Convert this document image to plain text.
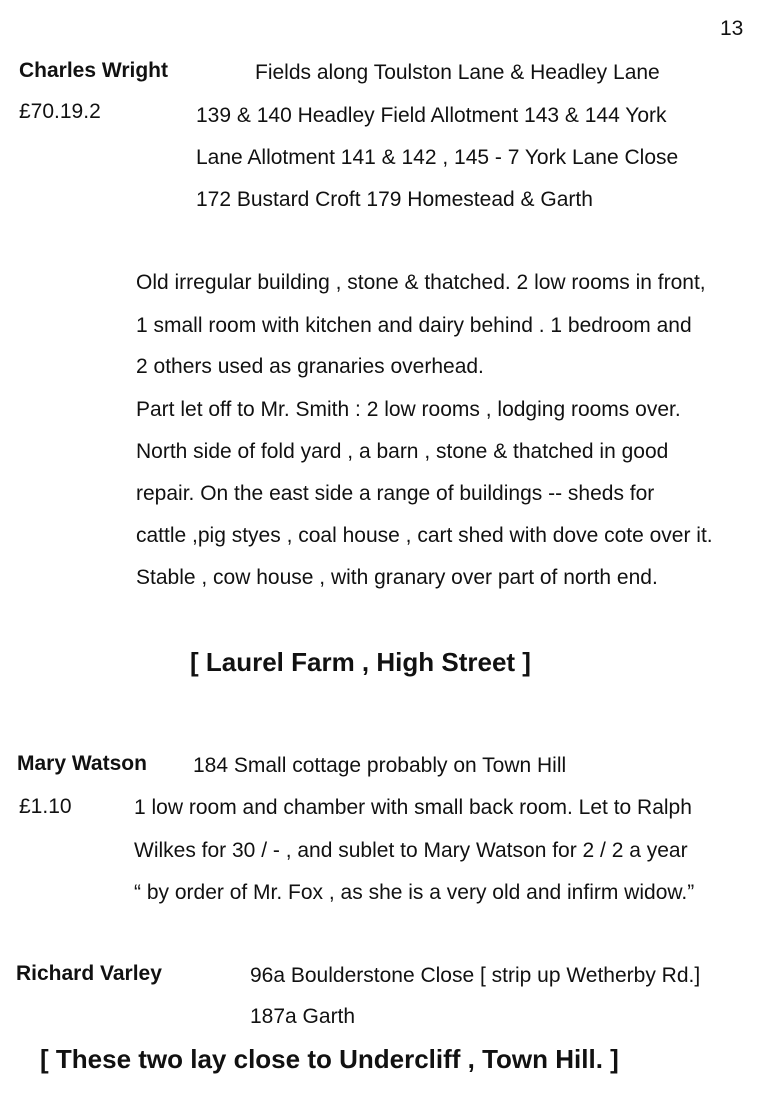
13
Charles Wright
£70.19.2
Fields along Toulston Lane & Headley Lane
139 & 140 Headley Field Allotment 143 & 144 York
Lane Allotment 141 & 142 , 145 - 7 York Lane Close
172 Bustard Croft 179 Homestead & Garth
Old irregular building , stone & thatched. 2 low rooms in front,
1 small room with kitchen and dairy behind . 1 bedroom and
2 others used as granaries overhead.
Part let off to Mr. Smith : 2 low rooms , lodging rooms over.
North side of fold yard , a barn , stone & thatched in good
repair. On the east side a range of buildings -- sheds for
cattle ,pig styes , coal house , cart shed with dove cote over it.
Stable , cow house , with granary over part of north end.
[ Laurel Farm , High Street ]
Mary Watson
£1.10
184 Small cottage probably on Town Hill
1 low room and chamber with small back room. Let to Ralph
Wilkes for 30 / - , and sublet to Mary Watson for 2 / 2 a year
“ by order of Mr. Fox , as she is a very old and infirm widow.”
Richard Varley	96a Boulderstone Close [ strip up Wetherby Rd.]
187a Garth
[ These two lay close to Undercliff , Town Hill. ]
